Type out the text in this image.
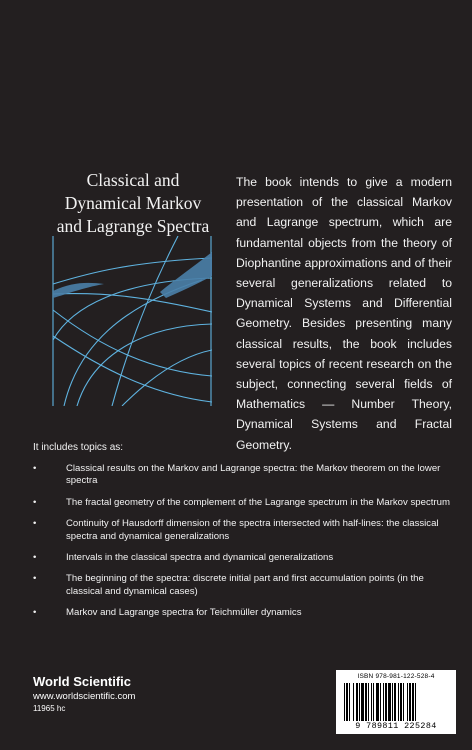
Classical and
Dynamical Markov
and Lagrange Spectra
The book intends to give a modern presentation of the classical Markov and Lagrange spectrum, which are fundamental objects from the theory of Diophantine approximations and of their several generalizations related to Dynamical Systems and Differential Geometry. Besides presenting many classical results, the book includes several topics of recent research on the subject, connecting several fields of Mathematics — Number Theory, Dynamical Systems and Fractal Geometry.
It includes topics as:
•	Classical results on the Markov and Lagrange spectra: the Markov theorem on the lower spectra
•	The fractal geometry of the complement of the Lagrange spectrum in the Markov spectrum
•	Continuity of Hausdorff dimension of the spectra intersected with half-lines: the classical spectra and dynamical generalizations
•	Intervals in the classical spectra and dynamical generalizations
•	The beginning of the spectra: discrete initial part and first accumulation points (in the classical and dynamical cases)
•	Markov and Lagrange spectra for Teichmüller dynamics
World Scientific
www.worldscientific.com
11965 hc
ISBN 978-981-122-528-4
9 789811 225284
